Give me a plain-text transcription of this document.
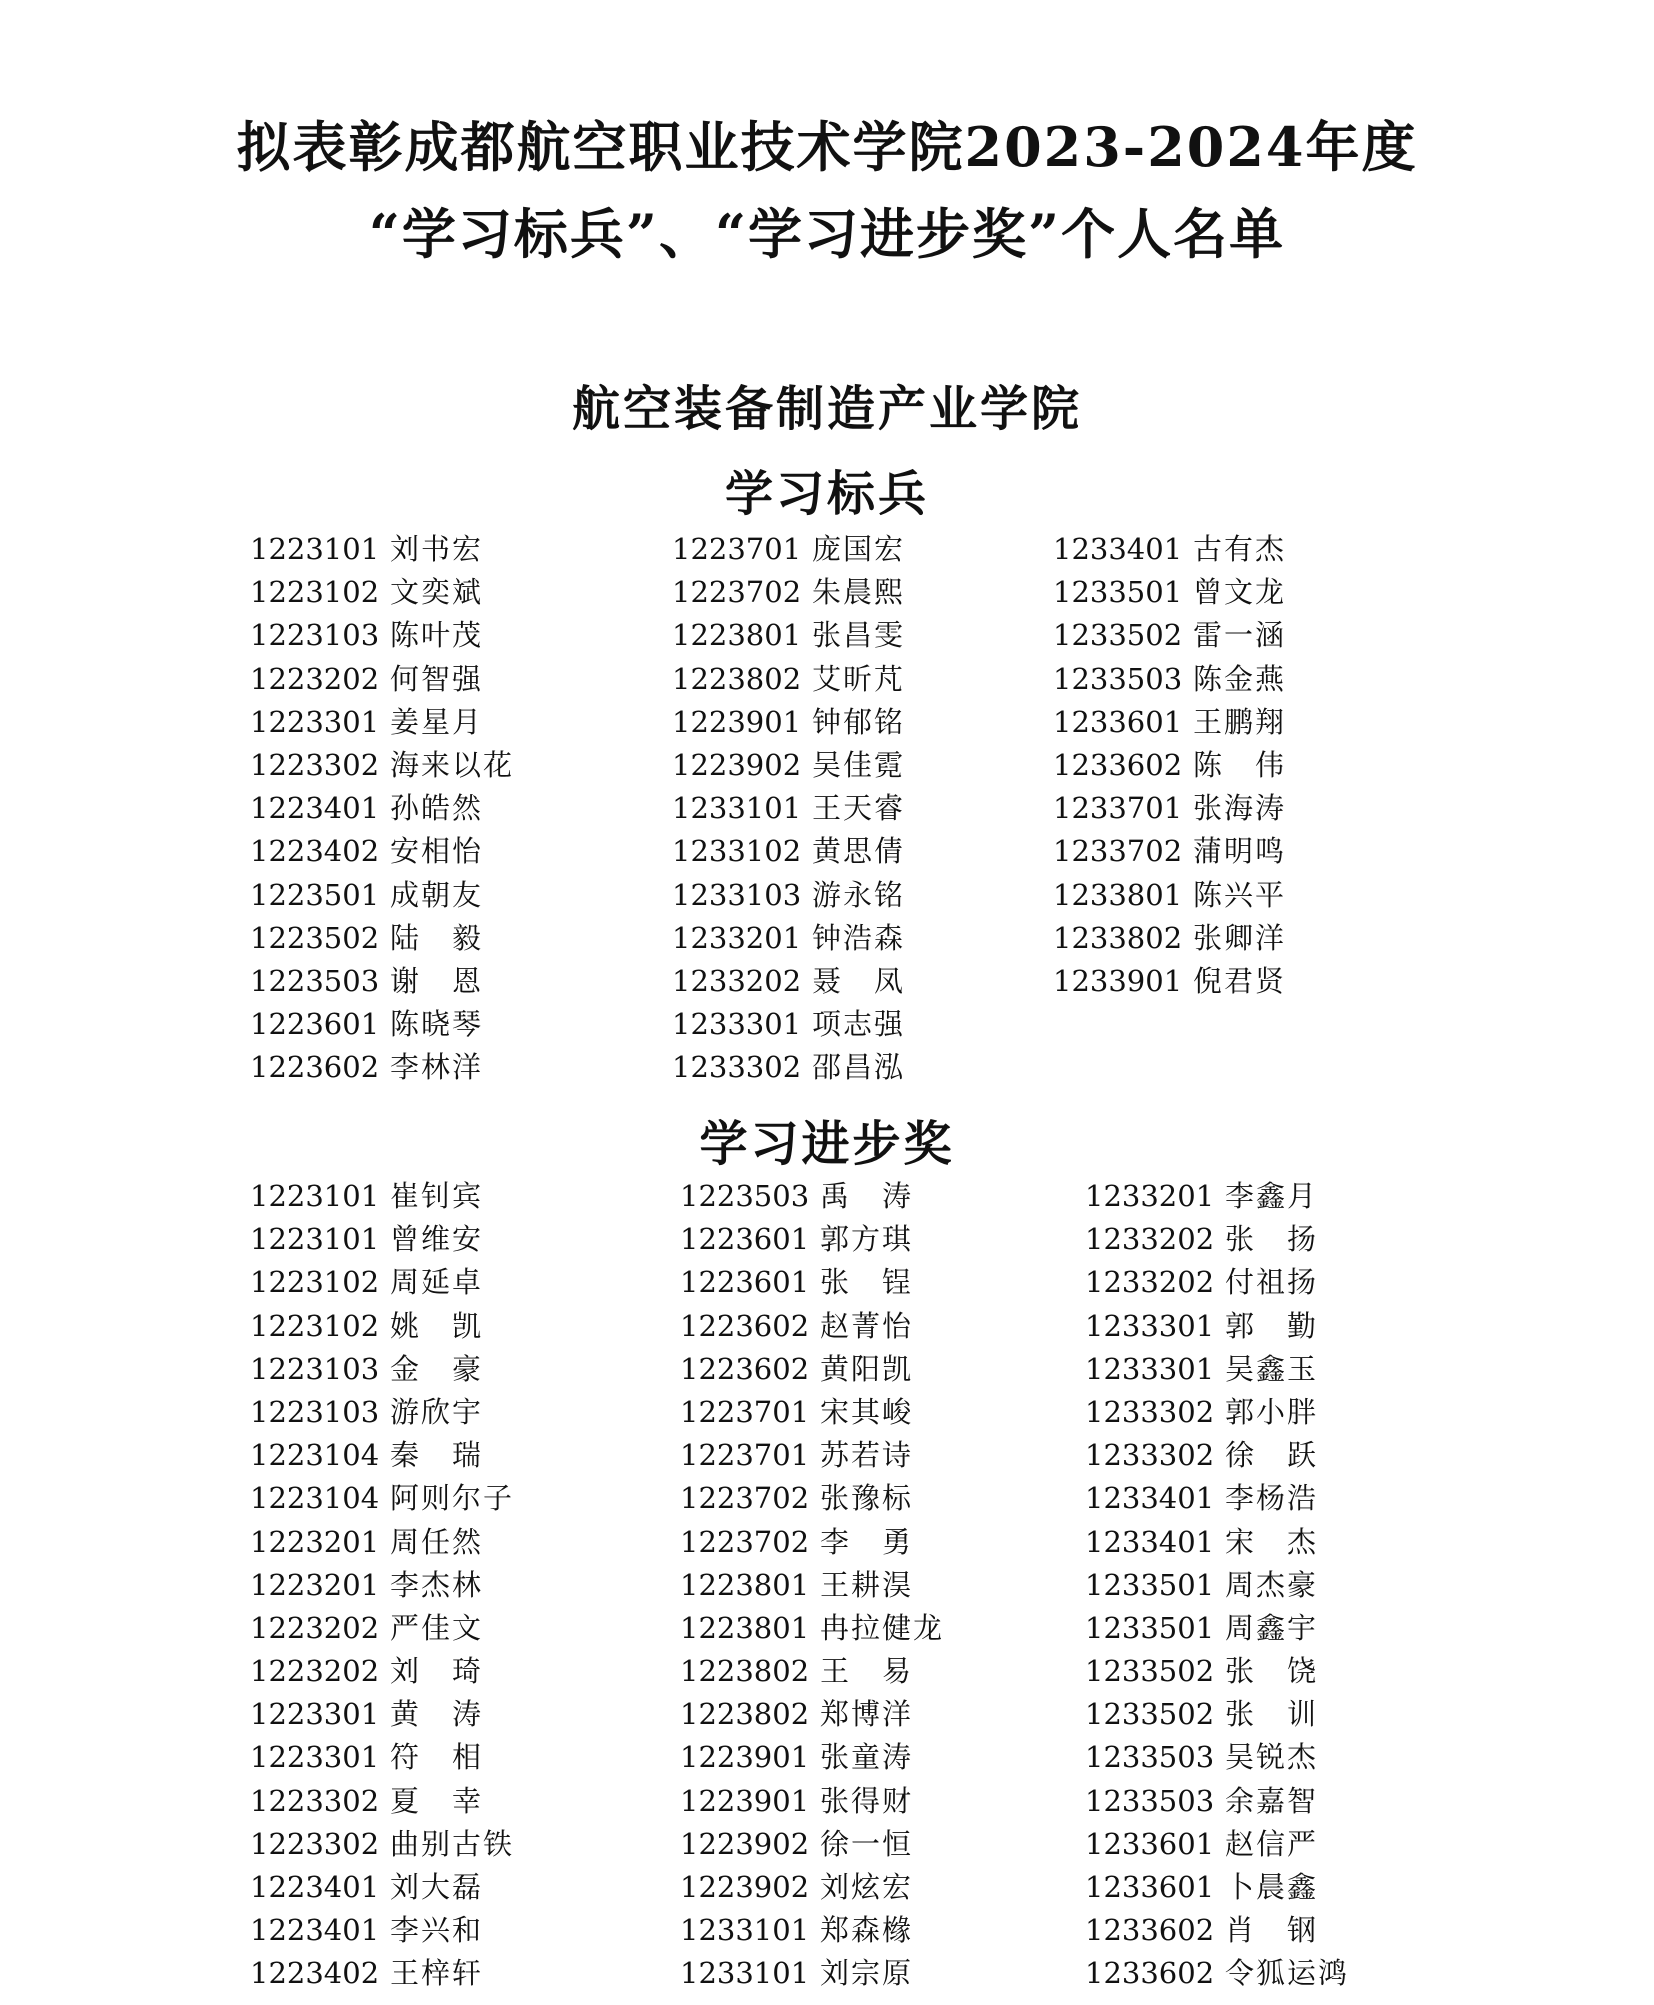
拟表彰成都航空职业技术学院2023-2024年度
“学习标兵”、“学习进步奖”个人名单
航空装备制造产业学院
学习标兵
1223101 刘书宏
1223102 文奕斌
1223103 陈叶茂
1223202 何智强
1223301 姜星月
1223302 海来以花
1223401 孙皓然
1223402 安相怡
1223501 成朝友
1223502 陆　毅
1223503 谢　恩
1223601 陈晓琴
1223602 李林洋
1223701 庞国宏
1223702 朱晨熙
1223801 张昌雯
1223802 艾昕芃
1223901 钟郁铭
1223902 吴佳霓
1233101 王天睿
1233102 黄思倩
1233103 游永铭
1233201 钟浩森
1233202 聂　凤
1233301 项志强
1233302 邵昌泓
1233401 古有杰
1233501 曾文龙
1233502 雷一涵
1233503 陈金燕
1233601 王鹏翔
1233602 陈　伟
1233701 张海涛
1233702 蒲明鸣
1233801 陈兴平
1233802 张卿洋
1233901 倪君贤
学习进步奖
1223101 崔钊宾
1223101 曾维安
1223102 周延卓
1223102 姚　凯
1223103 金　豪
1223103 游欣宇
1223104 秦　瑞
1223104 阿则尔子
1223201 周任然
1223201 李杰林
1223202 严佳文
1223202 刘　琦
1223301 黄　涛
1223301 符　相
1223302 夏　幸
1223302 曲别古铁
1223401 刘大磊
1223401 李兴和
1223402 王梓轩
1223503 禹　涛
1223601 郭方琪
1223601 张　锃
1223602 赵菁怡
1223602 黄阳凯
1223701 宋其峻
1223701 苏若诗
1223702 张豫标
1223702 李　勇
1223801 王耕淏
1223801 冉拉健龙
1223802 王　易
1223802 郑博洋
1223901 张童涛
1223901 张得财
1223902 徐一恒
1223902 刘炫宏
1233101 郑森橼
1233101 刘宗原
1233201 李鑫月
1233202 张　扬
1233202 付祖扬
1233301 郭　勤
1233301 吴鑫玉
1233302 郭小胖
1233302 徐　跃
1233401 李杨浩
1233401 宋　杰
1233501 周杰豪
1233501 周鑫宇
1233502 张　饶
1233502 张　训
1233503 吴锐杰
1233503 余嘉智
1233601 赵信严
1233601 卜晨鑫
1233602 肖　钢
1233602 令狐运鸿
